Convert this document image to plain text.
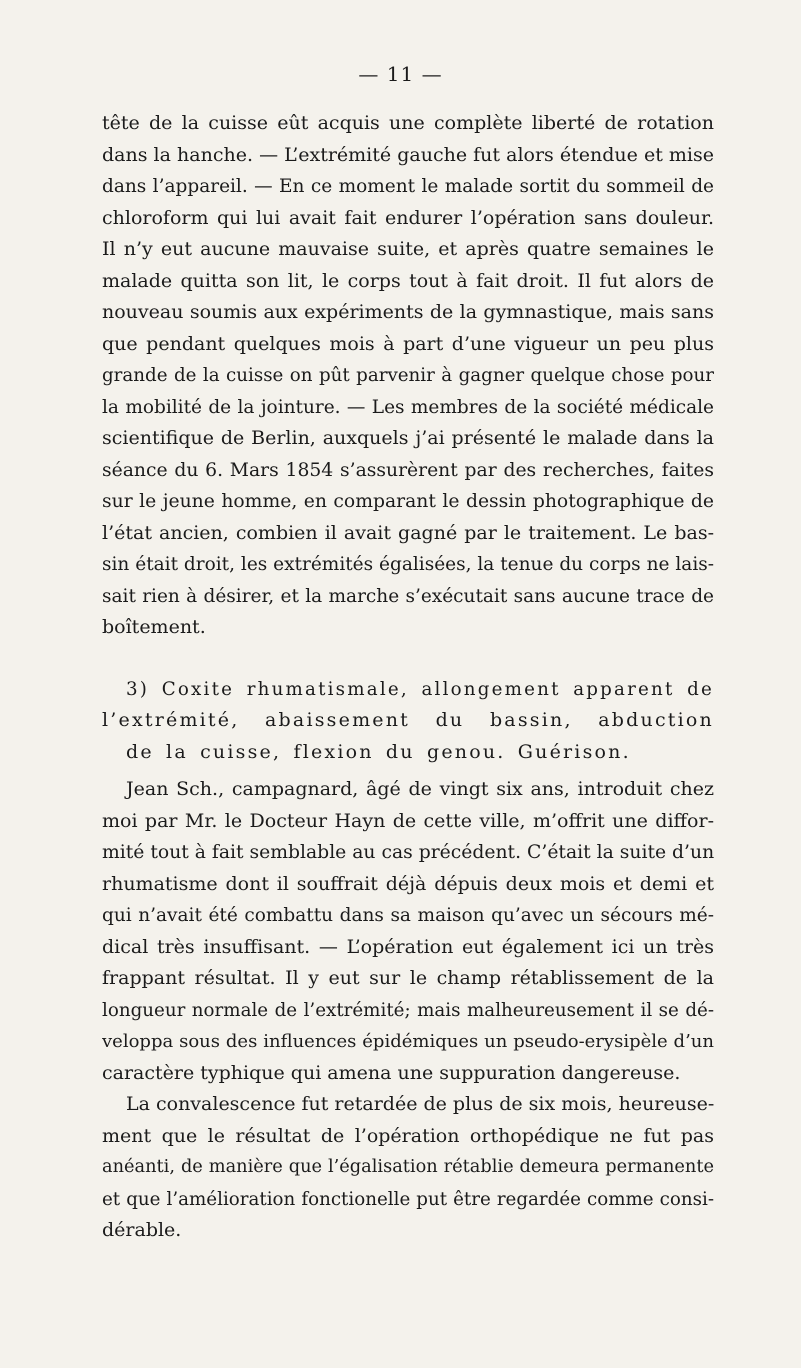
— 11 —
tête de la cuisse eût acquis une complète liberté de rotation
dans la hanche. — L’extrémité gauche fut alors étendue et mise
dans l’appareil. — En ce moment le malade sortit du sommeil de
chloroform qui lui avait fait endurer l’opération sans douleur.
Il n’y eut aucune mauvaise suite, et après quatre semaines le
malade quitta son lit, le corps tout à fait droit. Il fut alors de
nouveau soumis aux expériments de la gymnastique, mais sans
que pendant quelques mois à part d’une vigueur un peu plus
grande de la cuisse on pût parvenir à gagner quelque chose pour
la mobilité de la jointure. — Les membres de la société médicale
scientifique de Berlin, auxquels j’ai présenté le malade dans la
séance du 6. Mars 1854 s’assurèrent par des recherches, faites
sur le jeune homme, en comparant le dessin photographique de
l’état ancien, combien il avait gagné par le traitement. Le bas-
sin était droit, les extrémités égalisées, la tenue du corps ne lais-
sait rien à désirer, et la marche s’exécutait sans aucune trace de
boîtement.
3) Coxite rhumatismale, allongement apparent de
l’extrémité, abaissement du bassin, abduction
de la cuisse, flexion du genou. Guérison.
Jean Sch., campagnard, âgé de vingt six ans, introduit chez
moi par Mr. le Docteur Hayn de cette ville, m’offrit une diffor-
mité tout à fait semblable au cas précédent. C’était la suite d’un
rhumatisme dont il souffrait déjà dépuis deux mois et demi et
qui n’avait été combattu dans sa maison qu’avec un sécours mé-
dical très insuffisant. — L’opération eut également ici un très
frappant résultat. Il y eut sur le champ rétablissement de la
longueur normale de l’extrémité; mais malheureusement il se dé-
veloppa sous des influences épidémiques un pseudo-erysipèle d’un
caractère typhique qui amena une suppuration dangereuse.
La convalescence fut retardée de plus de six mois, heureuse-
ment que le résultat de l’opération orthopédique ne fut pas
anéanti, de manière que l’égalisation rétablie demeura permanente
et que l’amélioration fonctionelle put être regardée comme consi-
dérable.
